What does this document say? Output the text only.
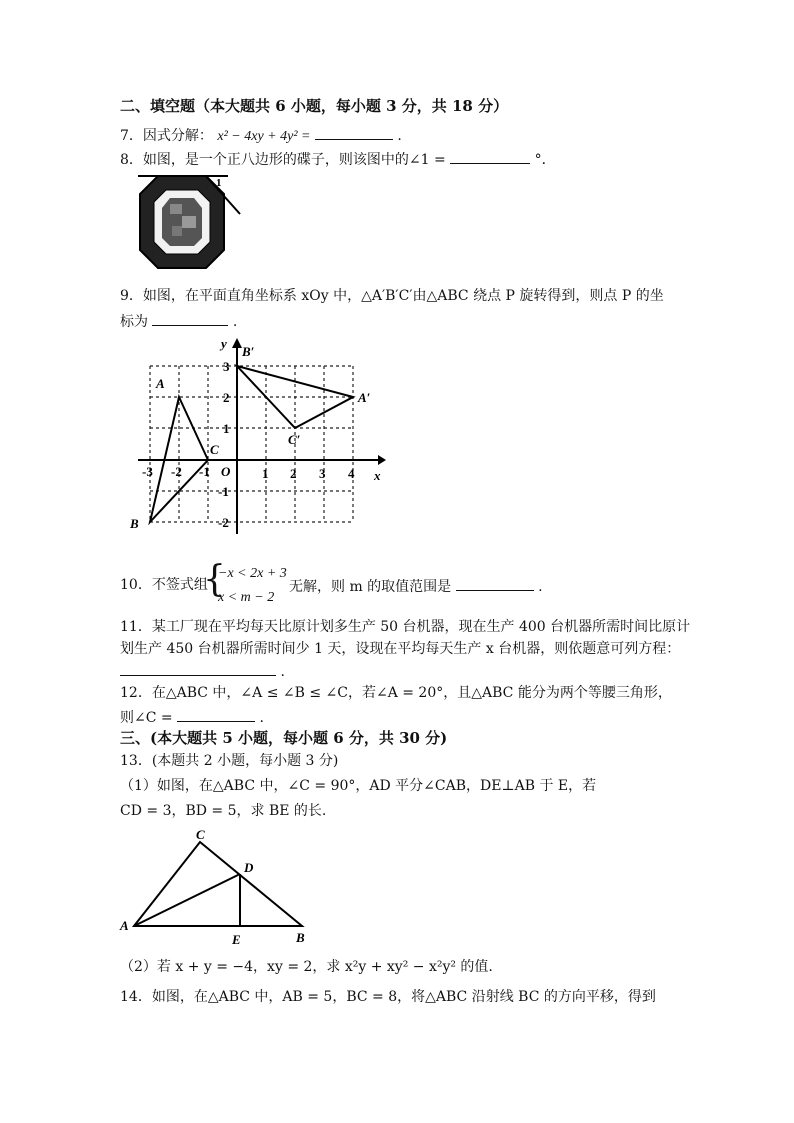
二、填空题（本大题共 6 小题，每小题 3 分，共 18 分）
7．因式分解： x² − 4xy + 4y² =	.
8．如图，是一个正八边形的碟子，则该图中的∠1 =	°．
1
9．如图，在平面直角坐标系 xOy 中，△A′B′C′由△ABC 绕点 P 旋转得到，则点 P 的坐
标为	.
y
x
O
-3 -2 -1	1 2 3 4
3
2
1
-1
-2
A
B
C
A′
B′
C′
10．不签式组
{
−x < 2x + 3
x < m − 2
无解，则 m 的取值范围是	.
11．某工厂现在平均每天比原计划多生产 50 台机器，现在生产 400 台机器所需时间比原计
划生产 450 台机器所需时间少 1 天，设现在平均每天生产 x 台机器，则依题意可列方程：
.
12．在△ABC 中，∠A ≤ ∠B ≤ ∠C，若∠A = 20°，且△ABC 能分为两个等腰三角形，
则∠C =	.
三、(本大题共 5 小题，每小题 6 分，共 30 分)
13．(本题共 2 小题，每小题 3 分)
（1）如图，在△ABC 中，∠C = 90°，AD 平分∠CAB，DE⊥AB 于 E，若
CD = 3，BD = 5，求 BE 的长.
C
D
A
E	B
（2）若 x + y = −4，xy = 2，求 x²y + xy² − x²y² 的值.
14．如图，在△ABC 中，AB = 5，BC = 8，将△ABC 沿射线 BC 的方向平移，得到
